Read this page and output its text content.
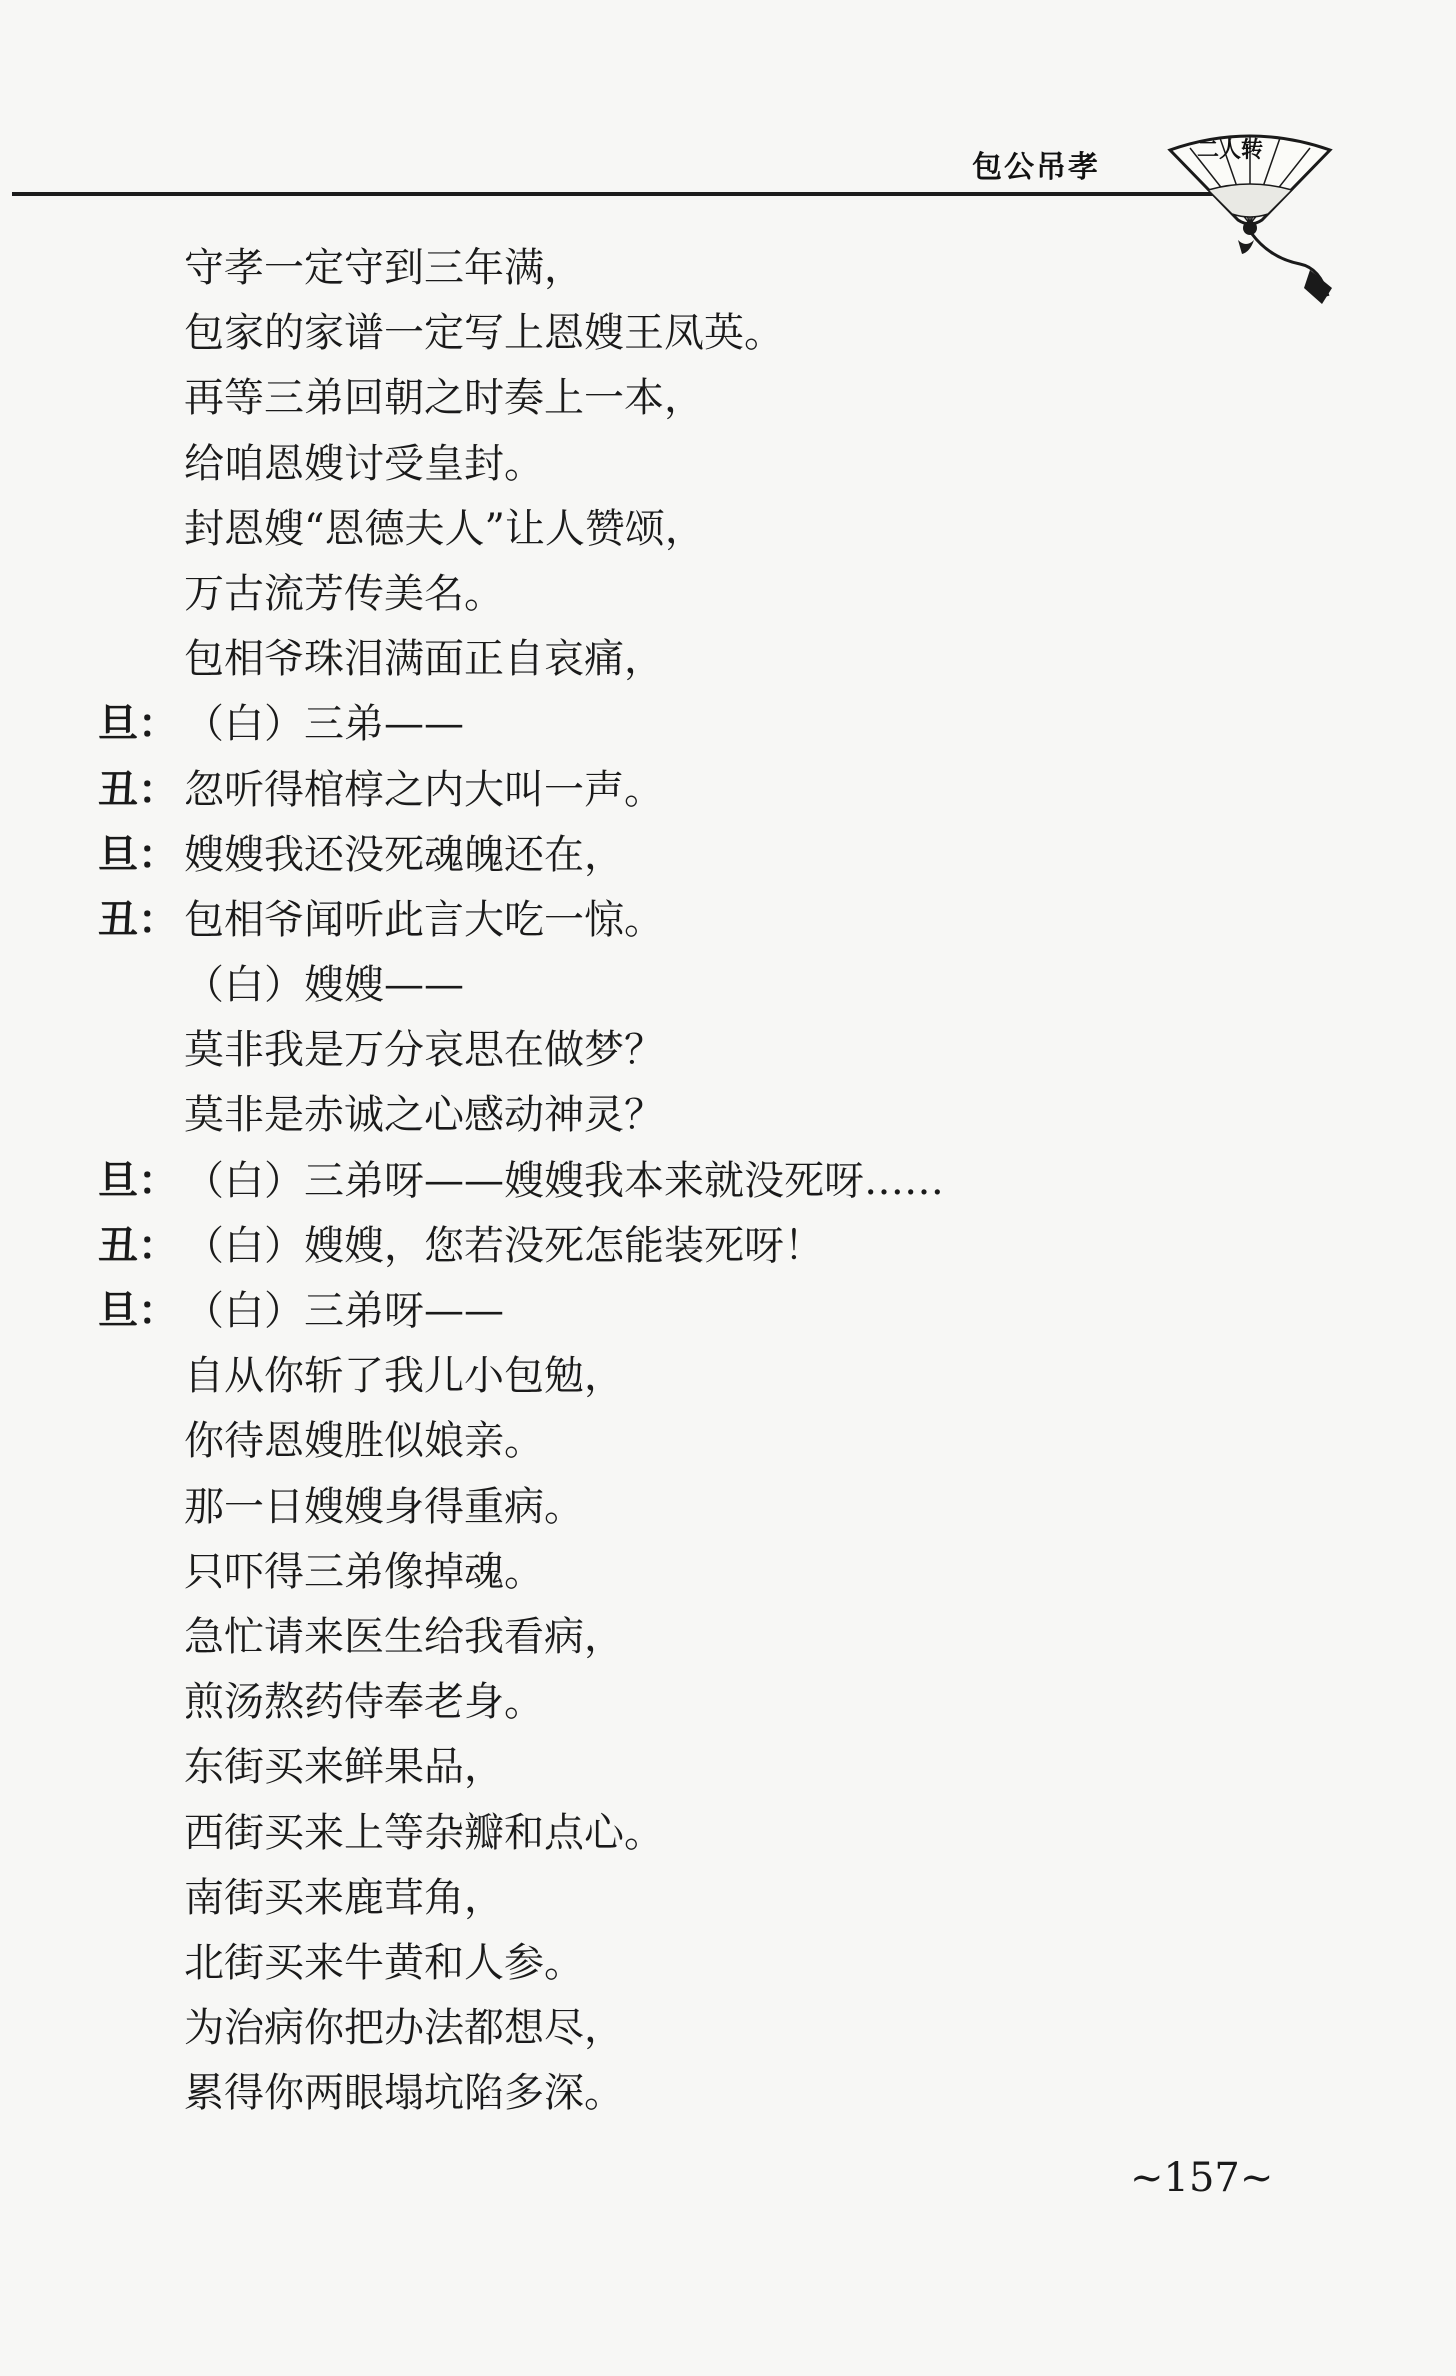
包公吊孝	二人转
守孝一定守到三年满，
包家的家谱一定写上恩嫂王凤英。
再等三弟回朝之时奏上一本，
给咱恩嫂讨受皇封。
封恩嫂“恩德夫人”让人赞颂，
万古流芳传美名。
包相爷珠泪满面正自哀痛，
旦： （白）三弟——
丑： 忽听得棺椁之内大叫一声。
旦： 嫂嫂我还没死魂魄还在，
丑： 包相爷闻听此言大吃一惊。
（白）嫂嫂——
莫非我是万分哀思在做梦？
莫非是赤诚之心感动神灵？
旦： （白）三弟呀——嫂嫂我本来就没死呀……
丑： （白）嫂嫂，您若没死怎能装死呀！
旦： （白）三弟呀——
自从你斩了我儿小包勉，
你待恩嫂胜似娘亲。
那一日嫂嫂身得重病。
只吓得三弟像掉魂。
急忙请来医生给我看病，
煎汤熬药侍奉老身。
东街买来鲜果品，
西街买来上等杂瓣和点心。
南街买来鹿茸角，
北街买来牛黄和人参。
为治病你把办法都想尽，
累得你两眼塌坑陷多深。
~157~
